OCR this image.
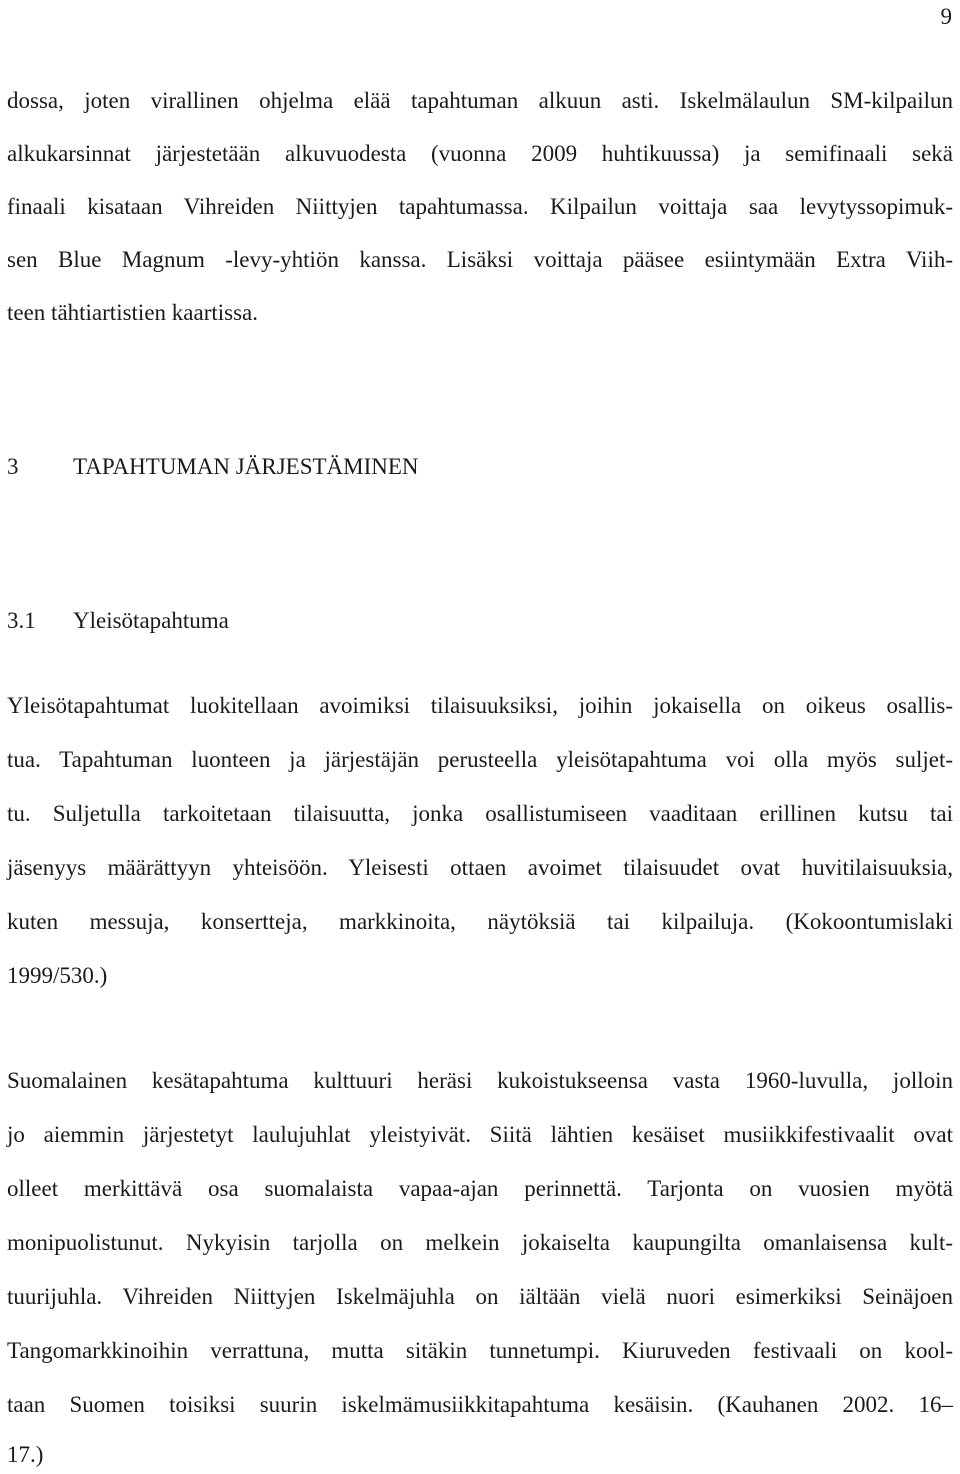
9
dossa, joten virallinen ohjelma elää tapahtuman alkuun asti. Iskelmälaulun SM-kilpailun
alkukarsinnat järjestetään alkuvuodesta (vuonna 2009 huhtikuussa) ja semifinaali sekä
finaali kisataan Vihreiden Niittyjen tapahtumassa. Kilpailun voittaja saa levytyssopimuk-
sen Blue Magnum -levy-yhtiön kanssa. Lisäksi voittaja pääsee esiintymään Extra Viih-
teen tähtiartistien kaartissa.
3 TAPAHTUMAN JÄRJESTÄMINEN
3.1 Yleisötapahtuma
Yleisötapahtumat luokitellaan avoimiksi tilaisuuksiksi, joihin jokaisella on oikeus osallis-
tua. Tapahtuman luonteen ja järjestäjän perusteella yleisötapahtuma voi olla myös suljet-
tu. Suljetulla tarkoitetaan tilaisuutta, jonka osallistumiseen vaaditaan erillinen kutsu tai
jäsenyys määrättyyn yhteisöön. Yleisesti ottaen avoimet tilaisuudet ovat huvitilaisuuksia,
kuten messuja, konsertteja, markkinoita, näytöksiä tai kilpailuja. (Kokoontumislaki
1999/530.)
Suomalainen kesätapahtuma kulttuuri heräsi kukoistukseensa vasta 1960-luvulla, jolloin
jo aiemmin järjestetyt laulujuhlat yleistyivät. Siitä lähtien kesäiset musiikkifestivaalit ovat
olleet merkittävä osa suomalaista vapaa-ajan perinnettä. Tarjonta on vuosien myötä
monipuolistunut. Nykyisin tarjolla on melkein jokaiselta kaupungilta omanlaisensa kult-
tuurijuhla. Vihreiden Niittyjen Iskelmäjuhla on iältään vielä nuori esimerkiksi Seinäjoen
Tangomarkkinoihin verrattuna, mutta sitäkin tunnetumpi. Kiuruveden festivaali on kool-
taan Suomen toisiksi suurin iskelmämusiikkitapahtuma kesäisin. (Kauhanen 2002. 16–
17.)
